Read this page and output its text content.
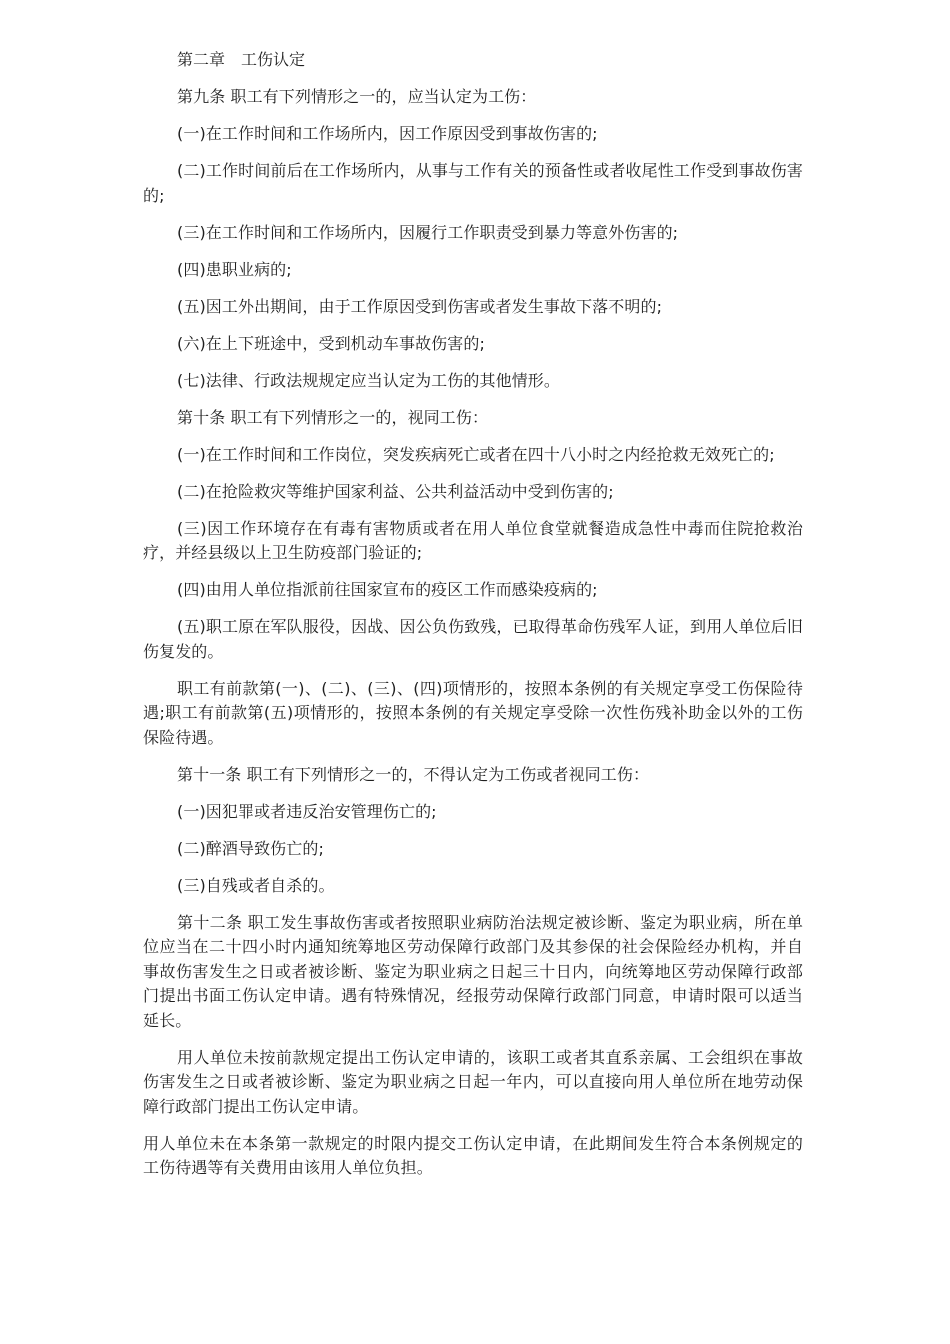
第二章　工伤认定

第九条 职工有下列情形之一的，应当认定为工伤：

(一)在工作时间和工作场所内，因工作原因受到事故伤害的;

(二)工作时间前后在工作场所内，从事与工作有关的预备性或者收尾性工作受到事故伤害的;

(三)在工作时间和工作场所内，因履行工作职责受到暴力等意外伤害的;

(四)患职业病的;

(五)因工外出期间，由于工作原因受到伤害或者发生事故下落不明的;

(六)在上下班途中，受到机动车事故伤害的;

(七)法律、行政法规规定应当认定为工伤的其他情形。

第十条 职工有下列情形之一的，视同工伤：

(一)在工作时间和工作岗位，突发疾病死亡或者在四十八小时之内经抢救无效死亡的;

(二)在抢险救灾等维护国家利益、公共利益活动中受到伤害的;

(三)因工作环境存在有毒有害物质或者在用人单位食堂就餐造成急性中毒而住院抢救治疗，并经县级以上卫生防疫部门验证的;

(四)由用人单位指派前往国家宣布的疫区工作而感染疫病的;

(五)职工原在军队服役，因战、因公负伤致残，已取得革命伤残军人证，到用人单位后旧伤复发的。

职工有前款第(一)、(二)、(三)、(四)项情形的，按照本条例的有关规定享受工伤保险待遇;职工有前款第(五)项情形的，按照本条例的有关规定享受除一次性伤残补助金以外的工伤保险待遇。

第十一条 职工有下列情形之一的，不得认定为工伤或者视同工伤：

(一)因犯罪或者违反治安管理伤亡的;

(二)醉酒导致伤亡的;

(三)自残或者自杀的。

第十二条 职工发生事故伤害或者按照职业病防治法规定被诊断、鉴定为职业病，所在单位应当在二十四小时内通知统筹地区劳动保障行政部门及其参保的社会保险经办机构，并自事故伤害发生之日或者被诊断、鉴定为职业病之日起三十日内，向统筹地区劳动保障行政部门提出书面工伤认定申请。遇有特殊情况，经报劳动保障行政部门同意，申请时限可以适当延长。

用人单位未按前款规定提出工伤认定申请的，该职工或者其直系亲属、工会组织在事故伤害发生之日或者被诊断、鉴定为职业病之日起一年内，可以直接向用人单位所在地劳动保障行政部门提出工伤认定申请。

用人单位未在本条第一款规定的时限内提交工伤认定申请，在此期间发生符合本条例规定的工伤待遇等有关费用由该用人单位负担。
